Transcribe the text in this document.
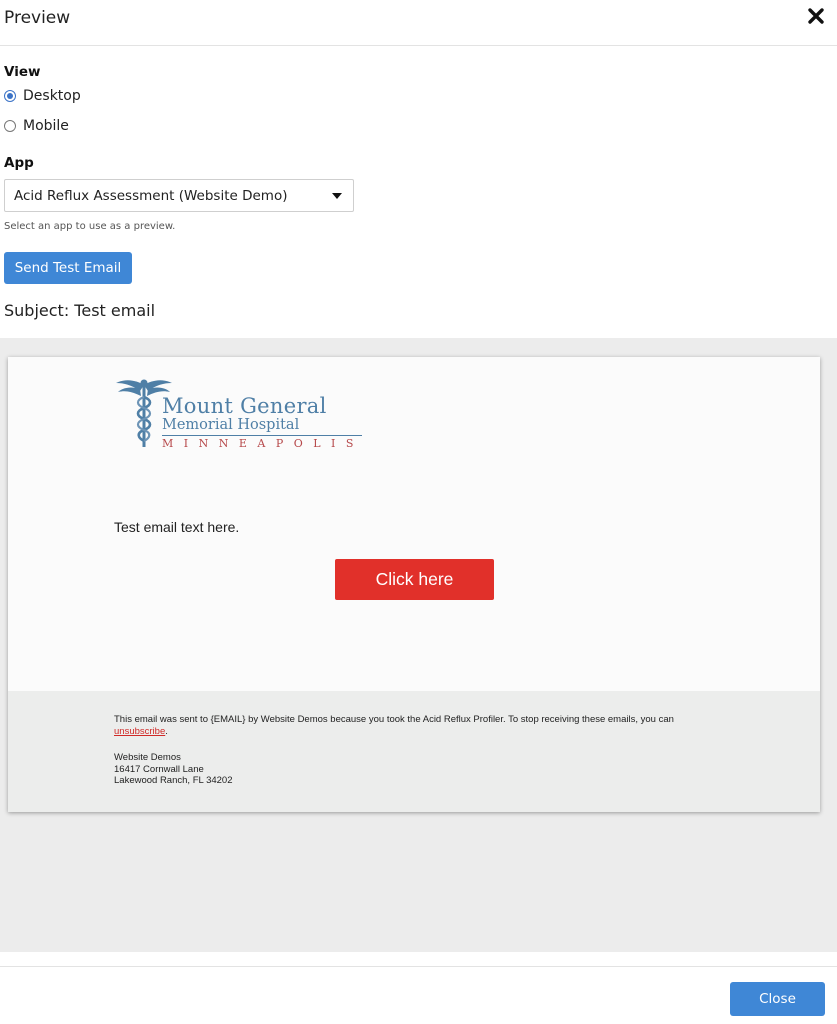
Preview
View
Desktop
Mobile
App
Acid Reflux Assessment (Website Demo)
Select an app to use as a preview.
Send Test Email
Subject: Test email
Mount General
Memorial Hospital
MINNEAPOLIS
Test email text here.
Click here
This email was sent to {EMAIL} by Website Demos because you took the Acid Reflux Profiler. To stop receiving these emails, you can unsubscribe.
Website Demos
16417 Cornwall Lane
Lakewood Ranch, FL 34202
Close
